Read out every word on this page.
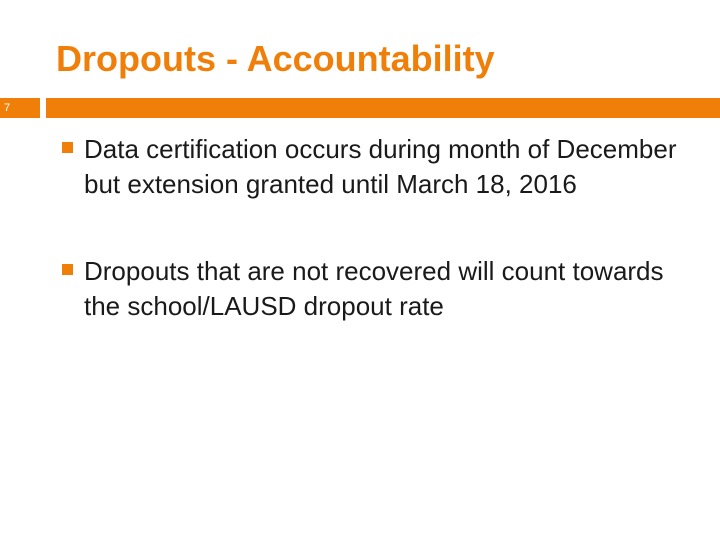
Dropouts - Accountability
7
Data certification occurs during month of December but extension granted until March 18, 2016
Dropouts that are not recovered will count towards the school/LAUSD dropout rate
